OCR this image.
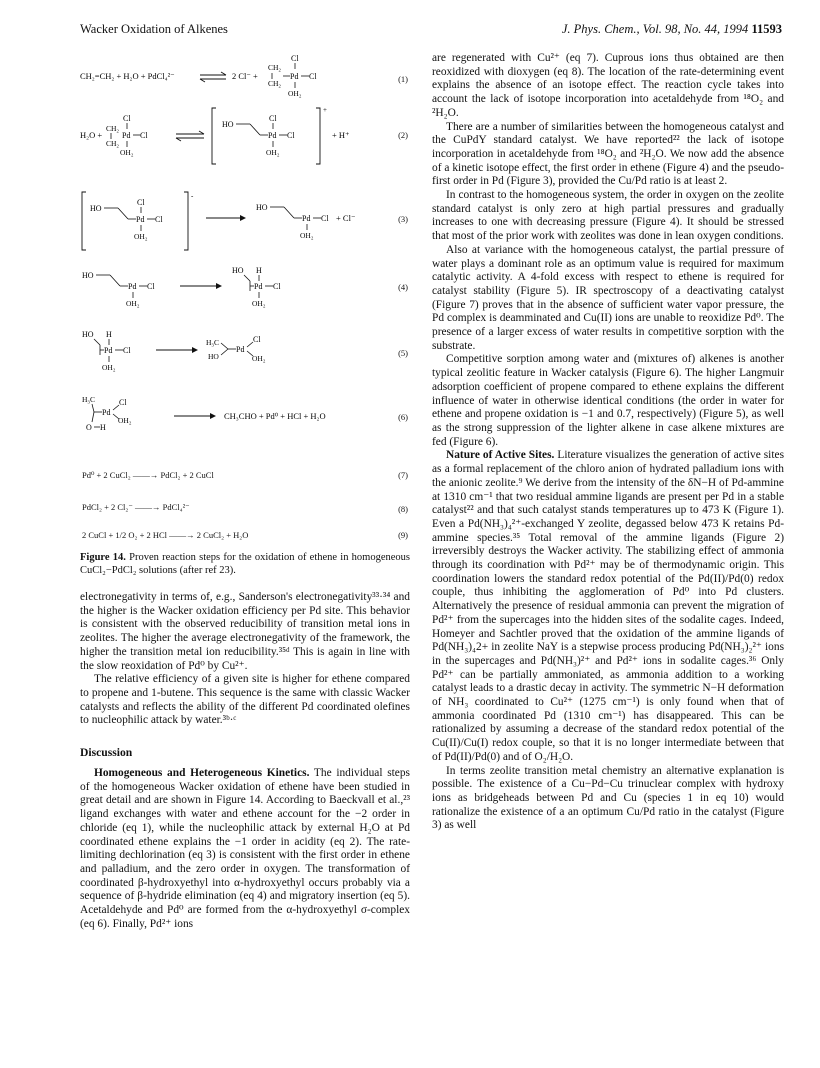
Wacker Oxidation of Alkenes	J. Phys. Chem., Vol. 98, No. 44, 1994 11593
CH₂=CH₂ + H₂O + PdCl₄²⁻	2 Cl⁻ +
CH₂
CH₂
Pd Cl
Cl
OH₂
(1)
H₂O +
CH₂
CH₂
Pd Cl
Cl
OH₂
+
HO
Pd Cl
Cl
OH₂
+ H⁺	(2)
-
HO
Pd Cl
Cl
OH₂
HO
Pd Cl
OH₂
+ Cl⁻	(3)
HO
Pd Cl
OH₂
HO H
Pd Cl
OH₂
(4)
HO H
Pd Cl
OH₂
H₃C
HO
Pd
Cl
OH₂
(5)
H₃C
Pd
Cl
OH₂
O H
CH₃CHO + Pd⁰ + HCl + H₂O	(6)
Pd⁰ + 2 CuCl₂ ——→ PdCl₂ + 2 CuCl	(7)
PdCl₂ + 2 Cl₂⁻ ——→ PdCl₄²⁻	(8)
2 CuCl + 1/2 O₂ + 2 HCl ——→ 2 CuCl₂ + H₂O	(9)
Figure 14. Proven reaction steps for the oxidation of ethene in homogeneous CuCl₂−PdCl₂ solutions (after ref 23).

electronegativity in terms of, e.g., Sanderson's electronegativity³³·³⁴ and the higher is the Wacker oxidation efficiency per Pd site. This behavior is consistent with the observed reducibility of transition metal ions in zeolites. The higher the average electronegativity of the framework, the higher the transition metal ion reducibility.³⁵ᵈ This is again in line with the slow reoxidation of Pd⁰ by Cu²⁺.

The relative efficiency of a given site is higher for ethene compared to propene and 1-butene. This sequence is the same with classic Wacker catalysts and reflects the ability of the different Pd coordinated olefines to nucleophilic attack by water.³ᵇ·ᶜ

Discussion

Homogeneous and Heterogeneous Kinetics. The individual steps of the homogeneous Wacker oxidation of ethene have been studied in great detail and are shown in Figure 14. According to Baeckvall et al.,²³ ligand exchanges with water and ethene account for the −2 order in chloride (eq 1), while the nucleophilic attack by external H₂O at Pd coordinated ethene explains the −1 order in acidity (eq 2). The rate-limiting dechlorination (eq 3) is consistent with the first order in ethene and palladium, and the zero order in oxygen. The transformation of coordinated β-hydroxyethyl into α-hydroxyethyl occurs probably via a sequence of β-hydride elimination (eq 4) and migratory insertion (eq 5). Acetaldehyde and Pd⁰ are formed from the α-hydroxyethyl σ-complex (eq 6). Finally, Pd²⁺ ions

are regenerated with Cu²⁺ (eq 7). Cuprous ions thus obtained are then reoxidized with dioxygen (eq 8). The location of the rate-determining event explains the absence of an isotope effect. The reaction cycle takes into account the lack of isotope incorporation into acetaldehyde from ¹⁸O₂ and ²H₂O.

There are a number of similarities between the homogeneous catalyst and the CuPdY standard catalyst. We have reported²² the lack of isotope incorporation in acetaldehyde from ¹⁸O₂ and ²H₂O. We now add the absence of a kinetic isotope effect, the first order in ethene (Figure 4) and the pseudo-first order in Pd (Figure 3), provided the Cu/Pd ratio is at least 2.

In contrast to the homogeneous system, the order in oxygen on the zeolite standard catalyst is only zero at high partial pressures and gradually increases to one with decreasing pressure (Figure 4). It should be stressed that most of the prior work with zeolites was done in lean oxygen conditions.

Also at variance with the homogeneous catalyst, the partial pressure of water plays a dominant role as an optimum value is required for maximum catalytic activity. A 4-fold excess with respect to ethene is required for catalyst stability (Figure 5). IR spectroscopy of a deactivating catalyst (Figure 7) proves that in the absence of sufficient water vapor pressure, the Pd complex is deamminated and Cu(II) ions are unable to reoxidize Pd⁰. The presence of a larger excess of water results in competitive sorption with the substrate.

Competitive sorption among water and (mixtures of) alkenes is another typical zeolitic feature in Wacker catalysis (Figure 6). The higher Langmuir adsorption coefficient of propene compared to ethene explains the different influence of water in otherwise identical conditions (the order in water for ethene and propene oxidation is −1 and 0.7, respectively) (Figure 5), as well as the strong suppression of the lighter alkene in case alkene mixtures are fed (Figure 6).

Nature of Active Sites. Literature visualizes the generation of active sites as a formal replacement of the chloro anion of hydrated palladium ions with the anionic zeolite.⁹ We derive from the intensity of the δN−H of Pd-ammine at 1310 cm⁻¹ that two residual ammine ligands are present per Pd in a stable catalyst²² and that such catalyst stands temperatures up to 473 K (Figure 1). Even a Pd(NH₃)₄²⁺-exchanged Y zeolite, degassed below 473 K retains Pd-ammine species.³⁵ Total removal of the ammine ligands (Figure 2) irreversibly destroys the Wacker activity. The stabilizing effect of ammonia through its coordination with Pd²⁺ may be of thermodynamic origin. This coordination lowers the standard redox potential of the Pd(II)/Pd(0) redox couple, thus inhibiting the agglomeration of Pd⁰ into Pd clusters. Alternatively the presence of residual ammonia can prevent the migration of Pd²⁺ from the supercages into the hidden sites of the sodalite cages. Indeed, Homeyer and Sachtler proved that the oxidation of the ammine ligands of Pd(NH₃)₄2+ in zeolite NaY is a stepwise process producing Pd(NH₃)₂²⁺ ions in the supercages and Pd(NH₃)²⁺ and Pd²⁺ ions in sodalite cages.³⁶ Only Pd²⁺ can be partially ammoniated, as ammonia addition to a working catalyst leads to a drastic decay in activity. The symmetric N−H deformation of NH₃ coordinated to Cu²⁺ (1275 cm⁻¹) is only found when that of ammonia coordinated Pd (1310 cm⁻¹) has disappeared. This can be rationalized by assuming a decrease of the standard redox potential of the Cu(II)/Cu(I) redox couple, so that it is no longer intermediate between that of Pd(II)/Pd(0) and of O₂/H₂O.

In terms zeolite transition metal chemistry an alternative explanation is possible. The existence of a Cu−Pd−Cu trinuclear complex with hydroxy ions as bridgeheads between Pd and Cu (species 1 in eq 10) would rationalize the existence of a an optimum Cu/Pd ratio in the catalyst (Figure 3) as well
